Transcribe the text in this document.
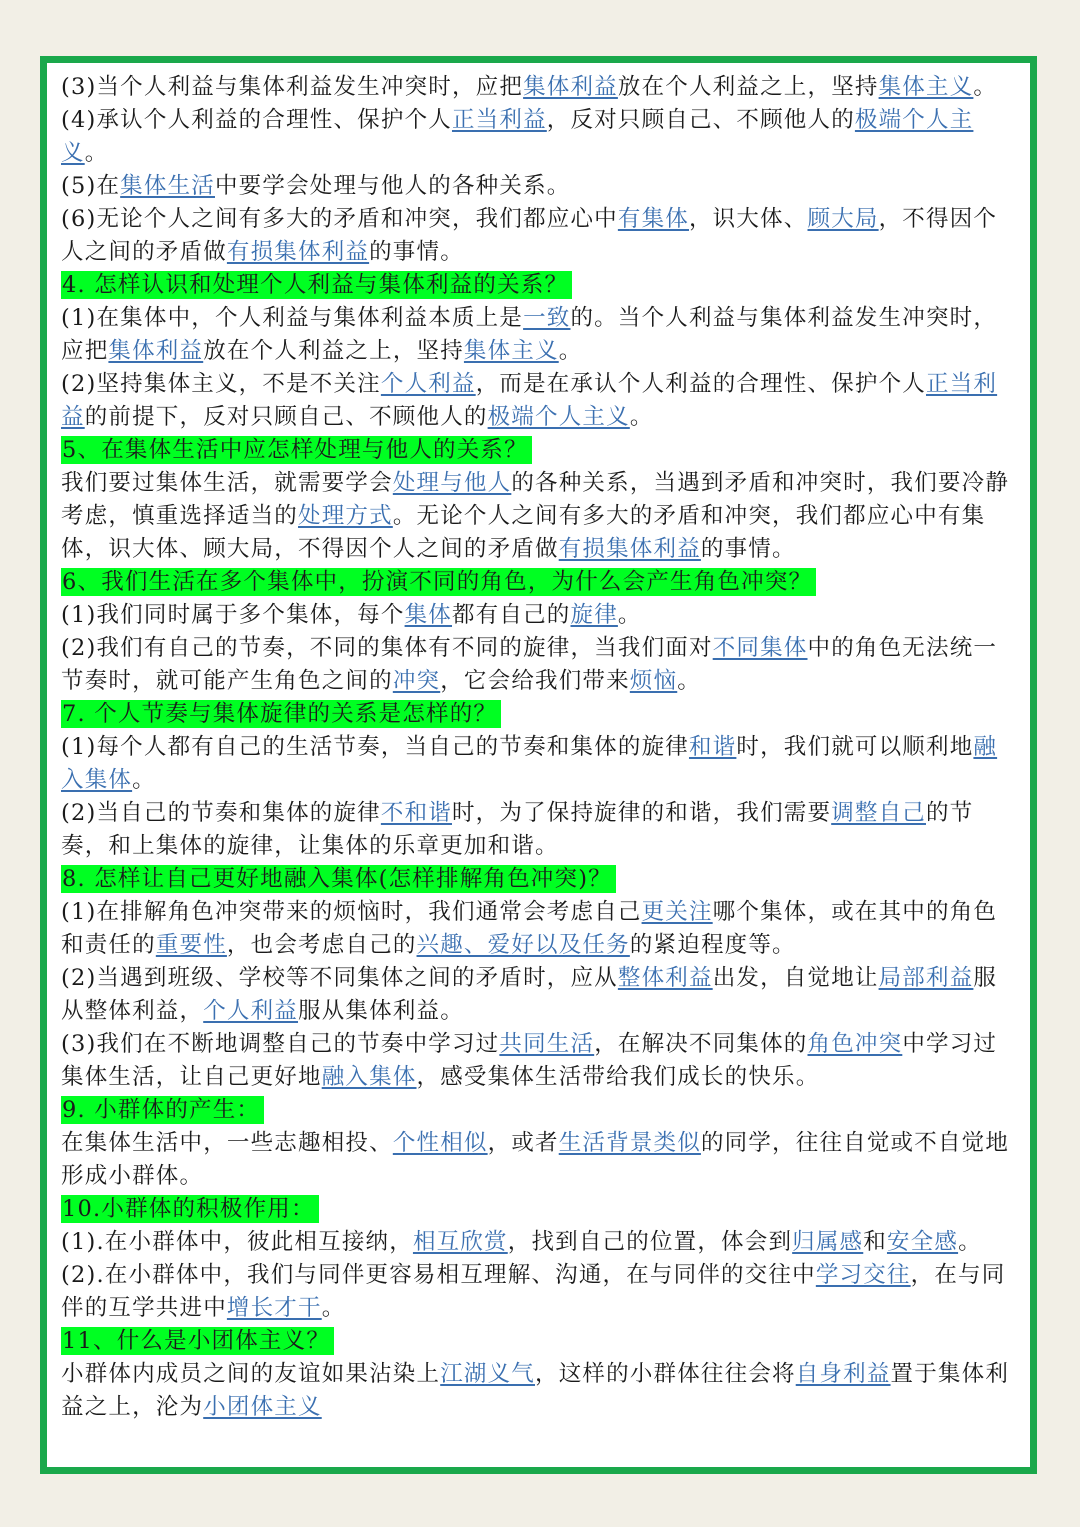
(3)当个人利益与集体利益发生冲突时，应把集体利益放在个人利益之上，坚持集体主义。
(4)承认个人利益的合理性、保护个人正当利益，反对只顾自己、不顾他人的极端个人主义。
(5)在集体生活中要学会处理与他人的各种关系。
(6)无论个人之间有多大的矛盾和冲突，我们都应心中有集体，识大体、顾大局，不得因个人之间的矛盾做有损集体利益的事情。
4. 怎样认识和处理个人利益与集体利益的关系？
(1)在集体中，个人利益与集体利益本质上是一致的。当个人利益与集体利益发生冲突时，应把集体利益放在个人利益之上，坚持集体主义。
(2)坚持集体主义，不是不关注个人利益，而是在承认个人利益的合理性、保护个人正当利益的前提下，反对只顾自己、不顾他人的极端个人主义。
5、在集体生活中应怎样处理与他人的关系？
我们要过集体生活，就需要学会处理与他人的各种关系，当遇到矛盾和冲突时，我们要冷静考虑，慎重选择适当的处理方式。无论个人之间有多大的矛盾和冲突，我们都应心中有集体，识大体、顾大局，不得因个人之间的矛盾做有损集体利益的事情。
6、我们生活在多个集体中，扮演不同的角色，为什么会产生角色冲突？
(1)我们同时属于多个集体，每个集体都有自己的旋律。
(2)我们有自己的节奏，不同的集体有不同的旋律，当我们面对不同集体中的角色无法统一节奏时，就可能产生角色之间的冲突，它会给我们带来烦恼。
7. 个人节奏与集体旋律的关系是怎样的？
(1)每个人都有自己的生活节奏，当自己的节奏和集体的旋律和谐时，我们就可以顺利地融入集体。
(2)当自己的节奏和集体的旋律不和谐时，为了保持旋律的和谐，我们需要调整自己的节奏，和上集体的旋律，让集体的乐章更加和谐。
8. 怎样让自己更好地融入集体(怎样排解角色冲突)？
(1)在排解角色冲突带来的烦恼时，我们通常会考虑自己更关注哪个集体，或在其中的角色和责任的重要性，也会考虑自己的兴趣、爱好以及任务的紧迫程度等。
(2)当遇到班级、学校等不同集体之间的矛盾时，应从整体利益出发，自觉地让局部利益服从整体利益，个人利益服从集体利益。
(3)我们在不断地调整自己的节奏中学习过共同生活，在解决不同集体的角色冲突中学习过集体生活，让自己更好地融入集体，感受集体生活带给我们成长的快乐。
9. 小群体的产生：
在集体生活中，一些志趣相投、个性相似，或者生活背景类似的同学，往往自觉或不自觉地形成小群体。
10.小群体的积极作用：
(1).在小群体中，彼此相互接纳，相互欣赏，找到自己的位置，体会到归属感和安全感。(2).在小群体中，我们与同伴更容易相互理解、沟通，在与同伴的交往中学习交往，在与同伴的互学共进中增长才干。
11、什么是小团体主义？
小群体内成员之间的友谊如果沾染上江湖义气，这样的小群体往往会将自身利益置于集体利益之上，沦为小团体主义
